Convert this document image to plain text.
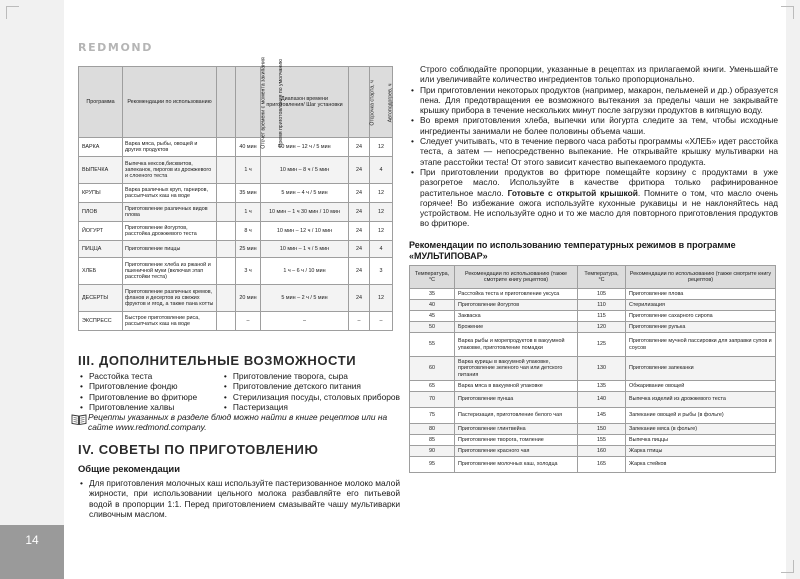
REDMOND
Программа	Рекомендации по использованию	Отсчет времени с момента закипания	Время приготовления по умолчанию	Диапазон времени приготовления/ Шаг установки	Отсрочка старта, ч	Автоподогрев, ч
ВАРКА	Варка мяса, рыбы, овощей и других продуктов		40 мин	10 мин – 12 ч / 5 мин	24	12
ВЫПЕЧКА	Выпечка кексов,бисквитов, запеканок, пирогов из дрожжевого и слоеного теста		1 ч	10 мин – 8 ч / 5 мин	24	4
КРУПЫ	Варка различных круп, гарниров, рассыпчатых каш на воде		35 мин	5 мин – 4 ч / 5 мин	24	12
ПЛОВ	Приготовление различных видов плова		1 ч	10 мин – 1 ч 30 мин / 10 мин	24	12
ЙОГУРТ	Приготовление йогуртов, расстойка дрожжевого теста		8 ч	10 мин – 12 ч / 10 мин	24	12
ПИЦЦА	Приготовление пиццы		25 мин	10 мин – 1 ч / 5 мин	24	4
ХЛЕБ	Приготовление хлеба из ржаной и пшеничной муки (включая этап расстойки теста)		3 ч	1 ч – 6 ч / 10 мин	24	3
ДЕСЕРТЫ	Приготовление различных кремов, фланов и десертов из свежих фруктов и ягод, а также пана котты		20 мин	5 мин – 2 ч / 5 мин	24	12
ЭКСПРЕСС	Быстрое приготовление риса, рассыпчатых каш на воде		–	–	–	–
III. ДОПОЛНИТЕЛЬНЫЕ ВОЗМОЖНОСТИ
• Расстойка теста
• Приготовление фондю
• Приготовление во фритюре
• Приготовление халвы
• Приготовление творога, сыра
• Приготовление детского питания
• Стерилизация посуды, столовых приборов
• Пастеризация
Рецепты указанных в разделе блюд можно найти в книге рецептов или на сайте www.redmond.company.
IV. СОВЕТЫ ПО ПРИГОТОВЛЕНИЮ
Общие рекомендации
• Для приготовления молочных каш используйте пастеризованное молоко малой жирности, при использовании цельного молока разбавляйте его питьевой водой в пропорции 1:1. Перед приготовлением смазывайте чашу мультиварки сливочным маслом.

Строго соблюдайте пропорции, указанные в рецептах из прилагаемой книги. Уменьшайте или увеличивайте количество ингредиентов только пропорционально.

• При приготовлении некоторых продуктов (например, макарон, пельменей и др.) образуется пена. Для предотвращения ее возможного вытекания за пределы чаши не закрывайте крышку прибора в течение нескольких минут после загрузки продуктов в кипящую воду.
• Во время приготовления хлеба, выпечки или йогурта следите за тем, чтобы исходные ингредиенты занимали не более половины объема чаши.
• Следует учитывать, что в течение первого часа работы программы «ХЛЕБ» идет расстойка теста, а затем — непосредственно выпекание. Не открывайте крышку мультиварки на этапе расстойки теста! От этого зависит качество выпекаемого продукта.
• При приготовлении продуктов во фритюре помещайте корзину с продуктами в уже разогретое масло. Используйте в качестве фритюра только рафинированное растительное масло. Готовьте с открытой крышкой. Помните о том, что масло очень горячее! Во избежание ожога используйте кухонные рукавицы и не наклоняйтесь над устройством. Не используйте одно и то же масло для повторного приготовления продуктов во фритюре.
Рекомендации по использованию температурных режимов в программе «МУЛЬТИПОВАР»
Температура, °C	Рекомендации по использованию (также смотрите книгу рецептов)	Температура, °C	Рекомендации по использованию (также смотрите книгу рецептов)
35	Расстойка теста и приготовление уксуса	105	Приготовление плова
40	Приготовление йогуртов	110	Стерилизация
45	Закваска	115	Приготовление сахарного сиропа
50	Брожение	120	Приготовление рулька
55	Варка рыбы и морепродуктов в вакуумной упаковке, приготовление помадки	125	Приготовление мучной пассировки для заправки супов и соусов
60	Варка курицы в вакуумной упаковке, приготовление зеленого чая или детского питания	130	Приготовление запеканки
65	Варка мяса в вакуумной упаковке	135	Обжаривание овощей
70	Приготовление пунша	140	Выпечка изделий из дрожжевого теста
75	Пастеризация, приготовление белого чая	145	Запекание овощей и рыбы (в фольге)
80	Приготовление глинтвейна	150	Запекание мяса (в фольге)
85	Приготовление творога, томление	155	Выпечка пиццы
90	Приготовление красного чая	160	Жарка птицы
95	Приготовление молочных каш, холодца	165	Жарка стейков
14
